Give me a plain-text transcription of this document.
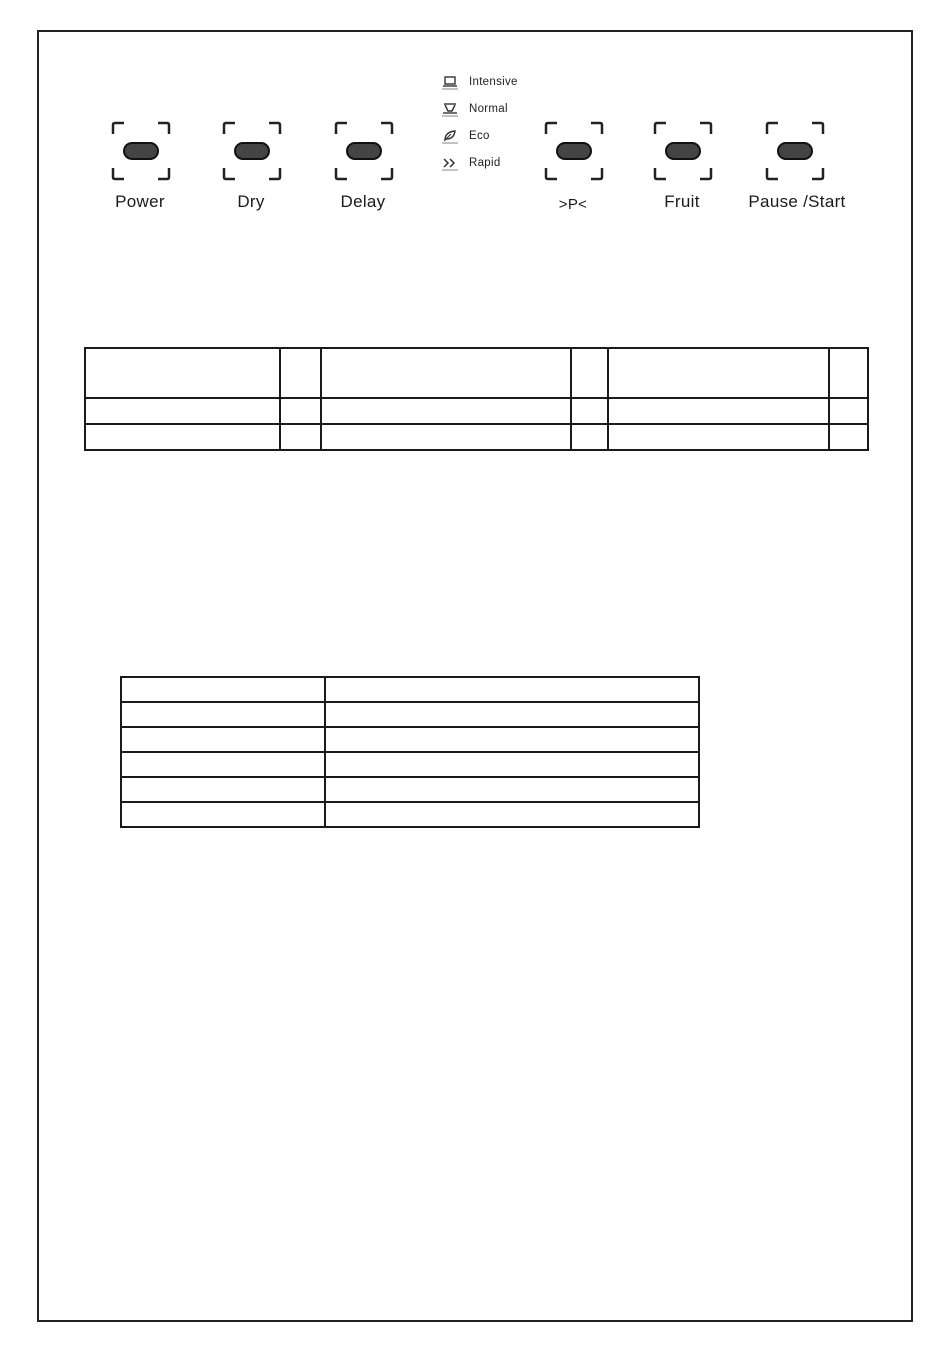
Power	Dry	Delay
Intensive
Normal
Eco
Rapid
>P<	Fruit	Pause /Start
